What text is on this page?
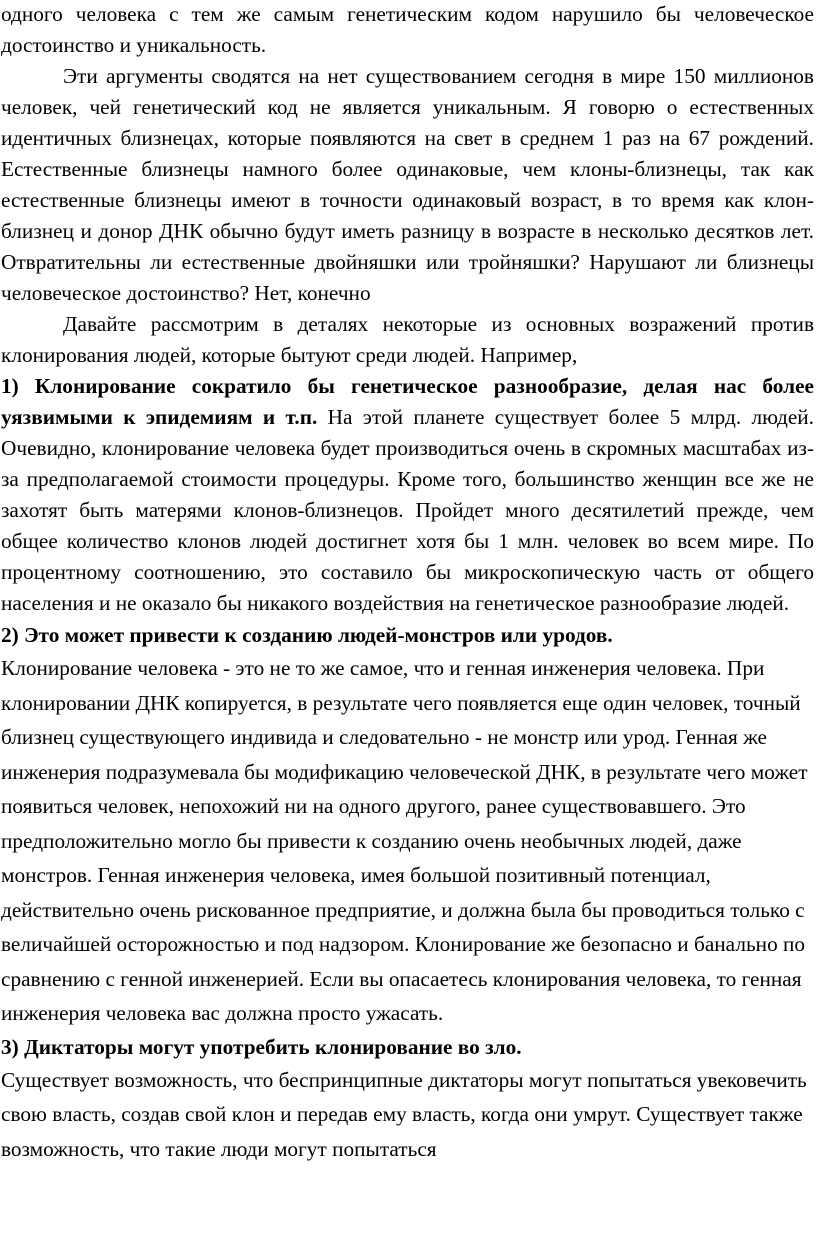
одного человека с тем же самым генетическим кодом нарушило бы человеческое достоинство и уникальность.

Эти аргументы сводятся на нет существованием сегодня в мире 150 миллионов человек, чей генетический код не является уникальным. Я говорю о естественных идентичных близнецах, которые появляются на свет в среднем 1 раз на 67 рождений. Естественные близнецы намного более одинаковые, чем клоны-близнецы, так как естественные близнецы имеют в точности одинаковый возраст, в то время как клон-близнец и донор ДНК обычно будут иметь разницу в возрасте в несколько десятков лет. Отвратительны ли естественные двойняшки или тройняшки? Нарушают ли близнецы человеческое достоинство? Нет, конечно

Давайте рассмотрим в деталях некоторые из основных возражений против клонирования людей, которые бытуют среди людей. Например,

1) Клонирование сократило бы генетическое разнообразие, делая нас более уязвимыми к эпидемиям и т.п. На этой планете существует более 5 млрд. людей. Очевидно, клонирование человека будет производиться очень в скромных масштабах из-за предполагаемой стоимости процедуры. Кроме того, большинство женщин все же не захотят быть матерями клонов-близнецов. Пройдет много десятилетий прежде, чем общее количество клонов людей достигнет хотя бы 1 млн. человек во всем мире. По процентному соотношению, это составило бы микроскопическую часть от общего населения и не оказало бы никакого воздействия на генетическое разнообразие людей.

2) Это может привести к созданию людей-монстров или уродов.

Клонирование человека - это не то же самое, что и генная инженерия человека. При клонировании ДНК копируется, в результате чего появляется еще один человек, точный близнец существующего индивида и следовательно - не монстр или урод. Генная же инженерия подразумевала бы модификацию человеческой ДНК, в результате чего может появиться человек, непохожий ни на одного другого, ранее существовавшего. Это предположительно могло бы привести к созданию очень необычных людей, даже монстров. Генная инженерия человека, имея большой позитивный потенциал, действительно очень рискованное предприятие, и должна была бы проводиться только с величайшей осторожностью и под надзором. Клонирование же безопасно и банально по сравнению с генной инженерией. Если вы опасаетесь клонирования человека, то генная инженерия человека вас должна просто ужасать.

3) Диктаторы могут употребить клонирование во зло.

Существует возможность, что беспринципные диктаторы могут попытаться увековечить свою власть, создав свой клон и передав ему власть, когда они умрут. Существует также возможность, что такие люди могут попытаться
